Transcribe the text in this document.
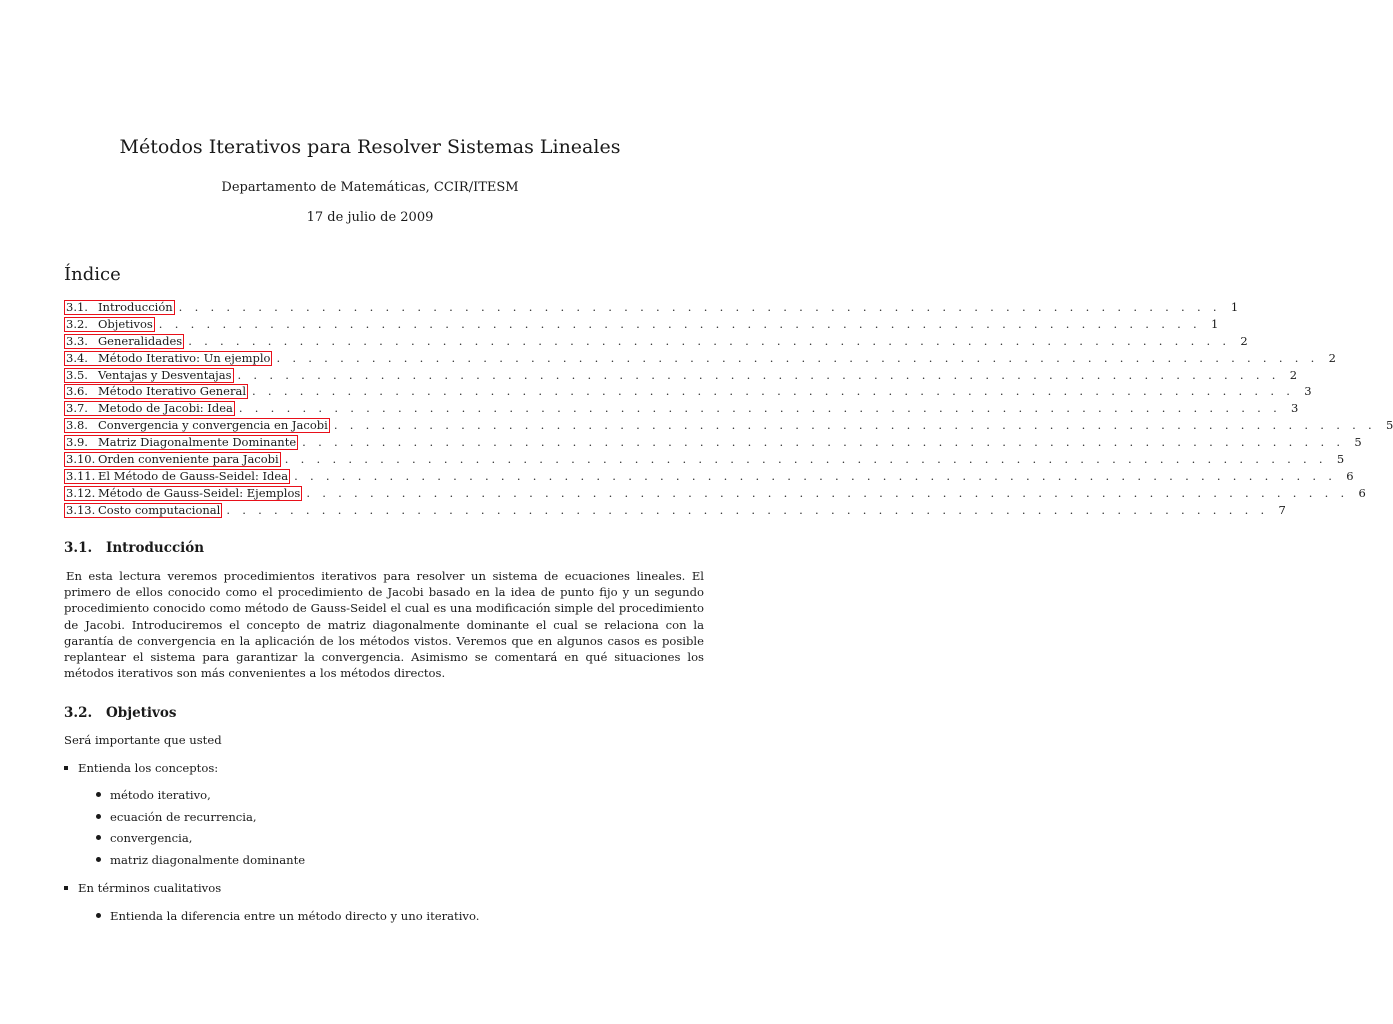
Métodos Iterativos para Resolver Sistemas Lineales
Departamento de Matemáticas, CCIR/ITESM
17 de julio de 2009
Índice
3.1. Introducción . . . . . . . . . . . . . . . . . . . . . . . . . . . . . . . . . . . . . . . . . . . . . . . . . . . . . . . . . . . . . . . . . . 1
3.2. Objetivos . . . . . . . . . . . . . . . . . . . . . . . . . . . . . . . . . . . . . . . . . . . . . . . . . . . . . . . . . . . . . . . . . . 1
3.3. Generalidades . . . . . . . . . . . . . . . . . . . . . . . . . . . . . . . . . . . . . . . . . . . . . . . . . . . . . . . . . . . . . . . . . . 2
3.4. Método Iterativo: Un ejemplo . . . . . . . . . . . . . . . . . . . . . . . . . . . . . . . . . . . . . . . . . . . . . . . . . . . . . . . . . . . . . . . . . . 2
3.5. Ventajas y Desventajas . . . . . . . . . . . . . . . . . . . . . . . . . . . . . . . . . . . . . . . . . . . . . . . . . . . . . . . . . . . . . . . . . . 2
3.6. Método Iterativo General . . . . . . . . . . . . . . . . . . . . . . . . . . . . . . . . . . . . . . . . . . . . . . . . . . . . . . . . . . . . . . . . . . 3
3.7. Metodo de Jacobi: Idea . . . . . . . . . . . . . . . . . . . . . . . . . . . . . . . . . . . . . . . . . . . . . . . . . . . . . . . . . . . . . . . . . . 3
3.8. Convergencia y convergencia en Jacobi . . . . . . . . . . . . . . . . . . . . . . . . . . . . . . . . . . . . . . . . . . . . . . . . . . . . . . . . . . . . . . . . . . 5
3.9. Matriz Diagonalmente Dominante . . . . . . . . . . . . . . . . . . . . . . . . . . . . . . . . . . . . . . . . . . . . . . . . . . . . . . . . . . . . . . . . . . 5
3.10. Orden conveniente para Jacobi . . . . . . . . . . . . . . . . . . . . . . . . . . . . . . . . . . . . . . . . . . . . . . . . . . . . . . . . . . . . . . . . . . 5
3.11. El Método de Gauss-Seidel: Idea . . . . . . . . . . . . . . . . . . . . . . . . . . . . . . . . . . . . . . . . . . . . . . . . . . . . . . . . . . . . . . . . . . 6
3.12. Método de Gauss-Seidel: Ejemplos . . . . . . . . . . . . . . . . . . . . . . . . . . . . . . . . . . . . . . . . . . . . . . . . . . . . . . . . . . . . . . . . . . 6
3.13. Costo computacional . . . . . . . . . . . . . . . . . . . . . . . . . . . . . . . . . . . . . . . . . . . . . . . . . . . . . . . . . . . . . . . . . . 7
3.1. Introducción

En esta lectura veremos procedimientos iterativos para resolver un sistema de ecuaciones lineales. El primero de ellos conocido como el procedimiento de Jacobi basado en la idea de punto fijo y un segundo procedimiento conocido como método de Gauss-Seidel el cual es una modificación simple del procedimiento de Jacobi. Introduciremos el concepto de matriz diagonalmente dominante el cual se relaciona con la garantía de convergencia en la aplicación de los métodos vistos. Veremos que en algunos casos es posible replantear el sistema para garantizar la convergencia. Asimismo se comentará en qué situaciones los métodos iterativos son más convenientes a los métodos directos.

3.2. Objetivos

Será importante que usted

Entienda los conceptos:
método iterativo,
ecuación de recurrencia,
convergencia,
matriz diagonalmente dominante
En términos cualitativos
Entienda la diferencia entre un método directo y uno iterativo.
